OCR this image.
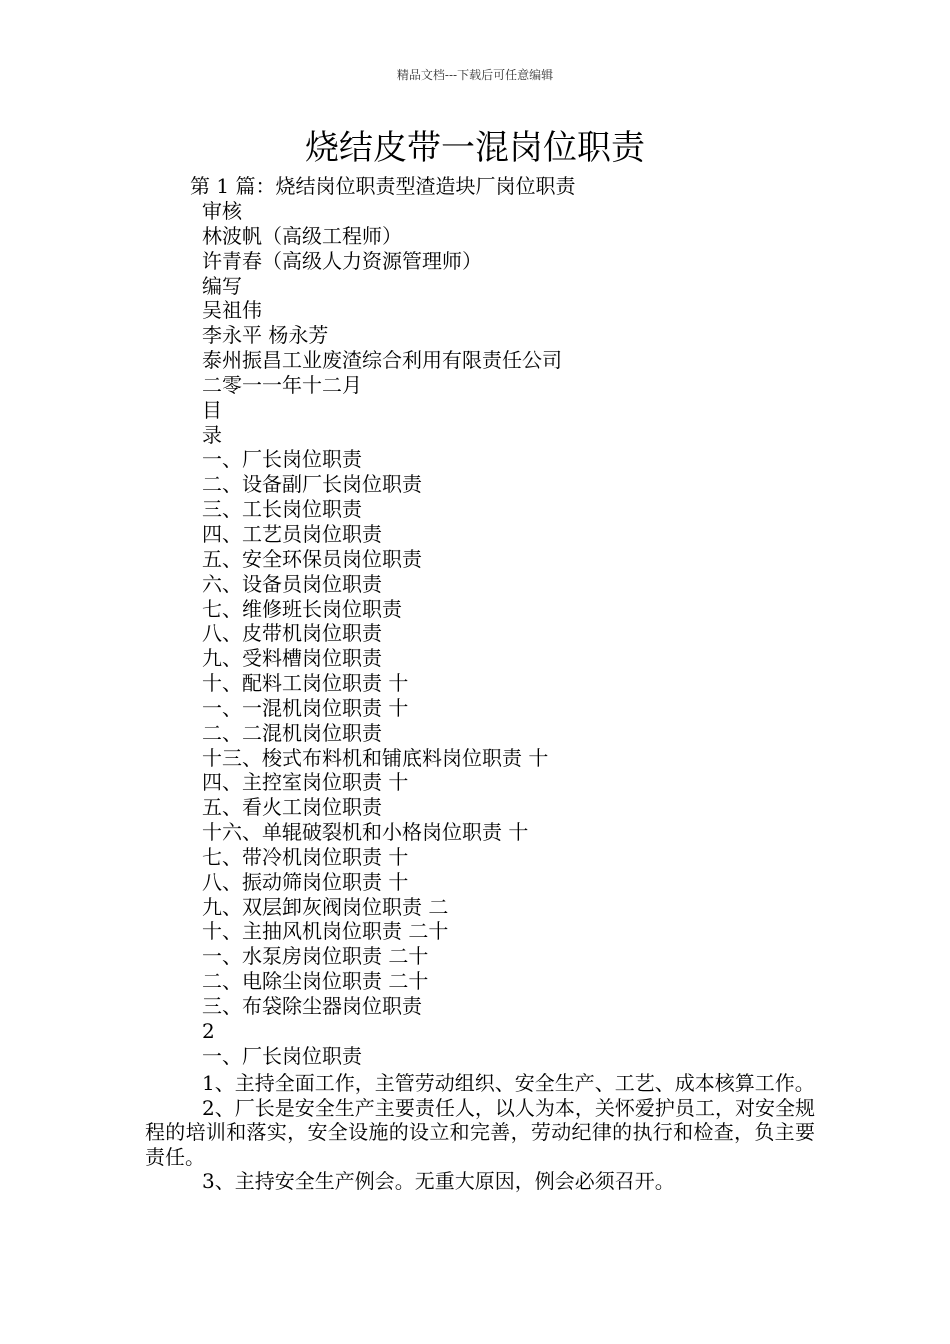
精品文档---下载后可任意编辑
烧结皮带一混岗位职责
第 1 篇：烧结岗位职责型渣造块厂岗位职责
审核
林波帆（高级工程师）
许青春（高级人力资源管理师）
编写
吴祖伟
李永平 杨永芳
泰州振昌工业废渣综合利用有限责任公司
二零一一年十二月
目
录
一、厂长岗位职责
二、设备副厂长岗位职责
三、工长岗位职责
四、工艺员岗位职责
五、安全环保员岗位职责
六、设备员岗位职责
七、维修班长岗位职责
八、皮带机岗位职责
九、受料槽岗位职责
十、配料工岗位职责 十
一、一混机岗位职责 十
二、二混机岗位职责
十三、梭式布料机和铺底料岗位职责 十
四、主控室岗位职责 十
五、看火工岗位职责
十六、单辊破裂机和小格岗位职责 十
七、带冷机岗位职责 十
八、振动筛岗位职责 十
九、双层卸灰阀岗位职责 二
十、主抽风机岗位职责 二十
一、水泵房岗位职责 二十
二、电除尘岗位职责 二十
三、布袋除尘器岗位职责
2
一、厂长岗位职责

1、主持全面工作，主管劳动组织、安全生产、工艺、成本核算工作。

2、厂长是安全生产主要责任人，以人为本，关怀爱护员工，对安全规程的培训和落实，安全设施的设立和完善，劳动纪律的执行和检查，负主要责任。

3、主持安全生产例会。无重大原因，例会必须召开。
